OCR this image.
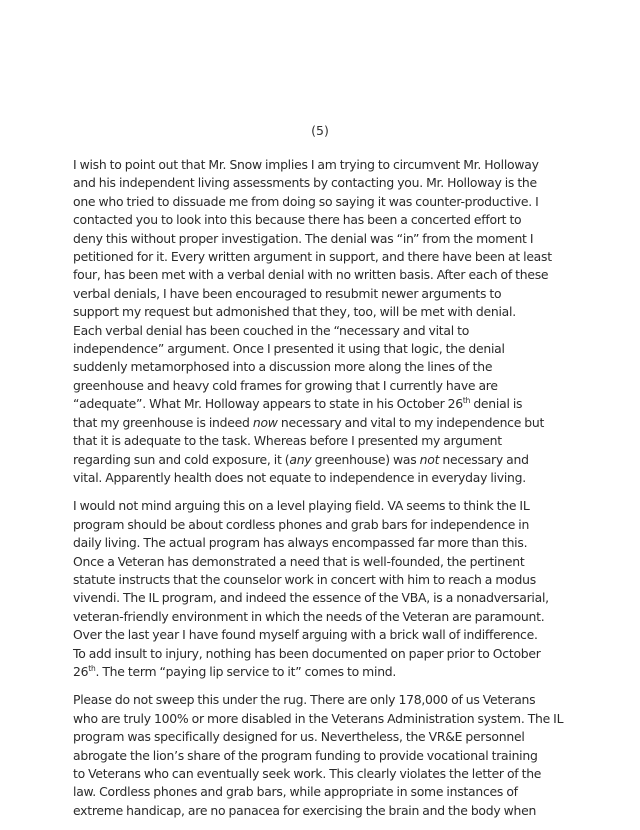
(5)

I wish to point out that Mr. Snow implies I am trying to circumvent Mr. Holloway
and his independent living assessments by contacting you. Mr. Holloway is the
one who tried to dissuade me from doing so saying it was counter-productive. I
contacted you to look into this because there has been a concerted effort to
deny this without proper investigation. The denial was “in” from the moment I
petitioned for it. Every written argument in support, and there have been at least
four, has been met with a verbal denial with no written basis. After each of these
verbal denials, I have been encouraged to resubmit newer arguments to
support my request but admonished that they, too, will be met with denial.
Each verbal denial has been couched in the “necessary and vital to
independence” argument. Once I presented it using that logic, the denial
suddenly metamorphosed into a discussion more along the lines of the
greenhouse and heavy cold frames for growing that I currently have are
“adequate”. What Mr. Holloway appears to state in his October 26th denial is
that my greenhouse is indeed now necessary and vital to my independence but
that it is adequate to the task. Whereas before I presented my argument
regarding sun and cold exposure, it (any greenhouse) was not necessary and
vital. Apparently health does not equate to independence in everyday living.

I would not mind arguing this on a level playing field. VA seems to think the IL
program should be about cordless phones and grab bars for independence in
daily living. The actual program has always encompassed far more than this.
Once a Veteran has demonstrated a need that is well-founded, the pertinent
statute instructs that the counselor work in concert with him to reach a modus
vivendi. The IL program, and indeed the essence of the VBA, is a nonadversarial,
veteran-friendly environment in which the needs of the Veteran are paramount.
Over the last year I have found myself arguing with a brick wall of indifference.
To add insult to injury, nothing has been documented on paper prior to October
26th. The term “paying lip service to it” comes to mind.

Please do not sweep this under the rug. There are only 178,000 of us Veterans
who are truly 100% or more disabled in the Veterans Administration system. The IL
program was specifically designed for us. Nevertheless, the VR&E personnel
abrogate the lion’s share of the program funding to provide vocational training
to Veterans who can eventually seek work. This clearly violates the letter of the
law. Cordless phones and grab bars, while appropriate in some instances of
extreme handicap, are no panacea for exercising the brain and the body when
